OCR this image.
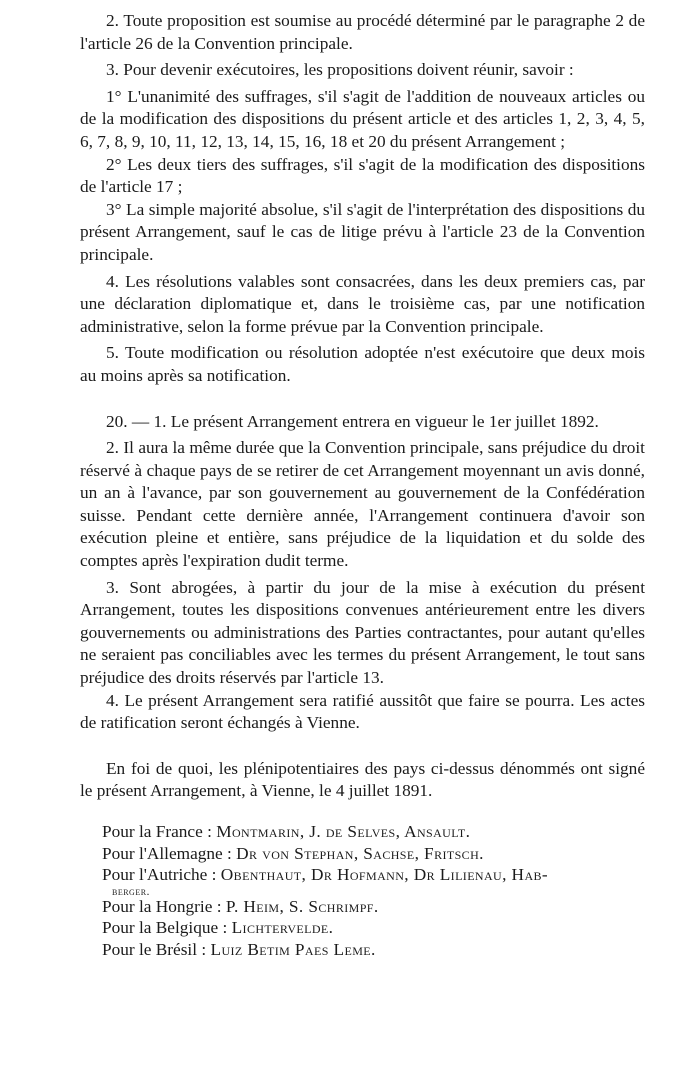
2. Toute proposition est soumise au procédé déterminé par le paragraphe 2 de l'article 26 de la Convention principale.

3. Pour devenir exécutoires, les propositions doivent réunir, savoir :

1° L'unanimité des suffrages, s'il s'agit de l'addition de nouveaux articles ou de la modification des dispositions du présent article et des articles 1, 2, 3, 4, 5, 6, 7, 8, 9, 10, 11, 12, 13, 14, 15, 16, 18 et 20 du présent Arrangement ;

2° Les deux tiers des suffrages, s'il s'agit de la modification des dispositions de l'article 17 ;

3° La simple majorité absolue, s'il s'agit de l'interprétation des dispositions du présent Arrangement, sauf le cas de litige prévu à l'article 23 de la Convention principale.

4. Les résolutions valables sont consacrées, dans les deux premiers cas, par une déclaration diplomatique et, dans le troisième cas, par une notification administrative, selon la forme prévue par la Convention principale.

5. Toute modification ou résolution adoptée n'est exécutoire que deux mois au moins après sa notification.

20. — 1. Le présent Arrangement entrera en vigueur le 1er juillet 1892.

2. Il aura la même durée que la Convention principale, sans préjudice du droit réservé à chaque pays de se retirer de cet Arrangement moyennant un avis donné, un an à l'avance, par son gouvernement au gouvernement de la Confédération suisse. Pendant cette dernière année, l'Arrangement continuera d'avoir son exécution pleine et entière, sans préjudice de la liquidation et du solde des comptes après l'expiration dudit terme.

3. Sont abrogées, à partir du jour de la mise à exécution du présent Arrangement, toutes les dispositions convenues antérieurement entre les divers gouvernements ou administrations des Parties contractantes, pour autant qu'elles ne seraient pas conciliables avec les termes du présent Arrangement, le tout sans préjudice des droits réservés par l'article 13.

4. Le présent Arrangement sera ratifié aussitôt que faire se pourra. Les actes de ratification seront échangés à Vienne.

En foi de quoi, les plénipotentiaires des pays ci-dessus dénommés ont signé le présent Arrangement, à Vienne, le 4 juillet 1891.

Pour la France : Montmarin, J. de Selves, Ansault.

Pour l'Allemagne : Dr von Stephan, Sachse, Fritsch.

Pour l'Autriche : Obenthaut, Dr Hofmann, Dr Lilienau, Hab-
berger.

Pour la Hongrie : P. Heim, S. Schrimpf.

Pour la Belgique : Lichtervelde.

Pour le Brésil : Luiz Betim Paes Leme.
